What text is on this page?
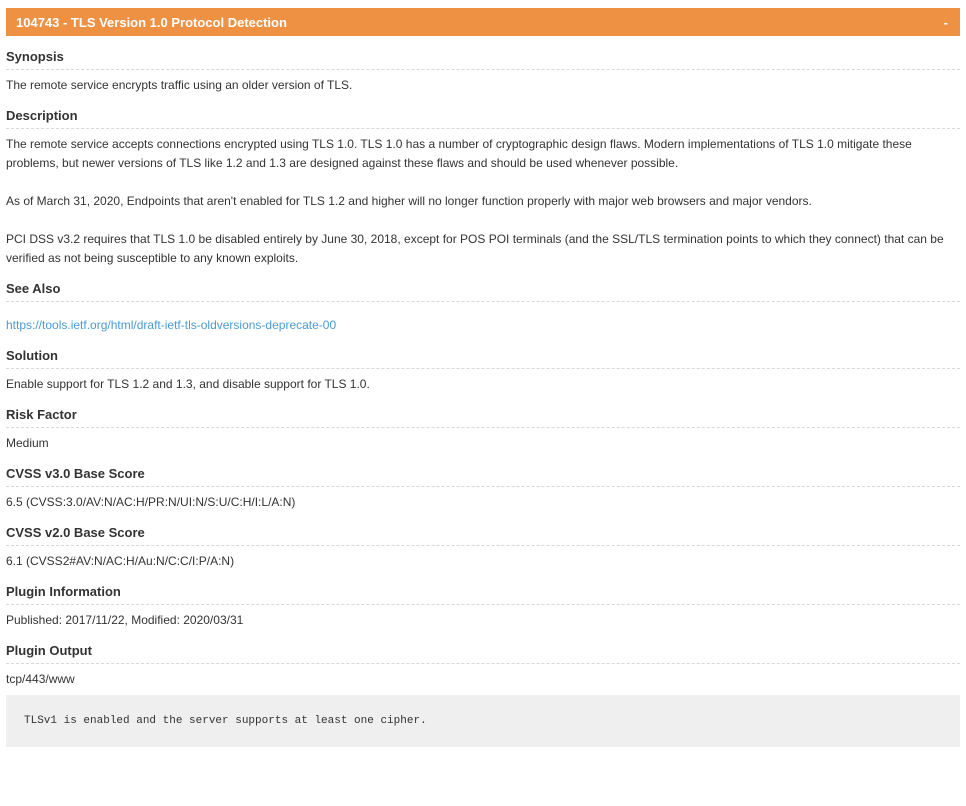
104743 - TLS Version 1.0 Protocol Detection	-
Synopsis
The remote service encrypts traffic using an older version of TLS.
Description

The remote service accepts connections encrypted using TLS 1.0. TLS 1.0 has a number of cryptographic design flaws. Modern implementations of TLS 1.0 mitigate these problems, but newer versions of TLS like 1.2 and 1.3 are designed against these flaws and should be used whenever possible.

As of March 31, 2020, Endpoints that aren't enabled for TLS 1.2 and higher will no longer function properly with major web browsers and major vendors.

PCI DSS v3.2 requires that TLS 1.0 be disabled entirely by June 30, 2018, except for POS POI terminals (and the SSL/TLS termination points to which they connect) that can be verified as not being susceptible to any known exploits.

See Also
https://tools.ietf.org/html/draft-ietf-tls-oldversions-deprecate-00
Solution
Enable support for TLS 1.2 and 1.3, and disable support for TLS 1.0.
Risk Factor
Medium
CVSS v3.0 Base Score
6.5 (CVSS:3.0/AV:N/AC:H/PR:N/UI:N/S:U/C:H/I:L/A:N)
CVSS v2.0 Base Score
6.1 (CVSS2#AV:N/AC:H/Au:N/C:C/I:P/A:N)
Plugin Information
Published: 2017/11/22, Modified: 2020/03/31
Plugin Output
tcp/443/www
TLSv1 is enabled and the server supports at least one cipher.
